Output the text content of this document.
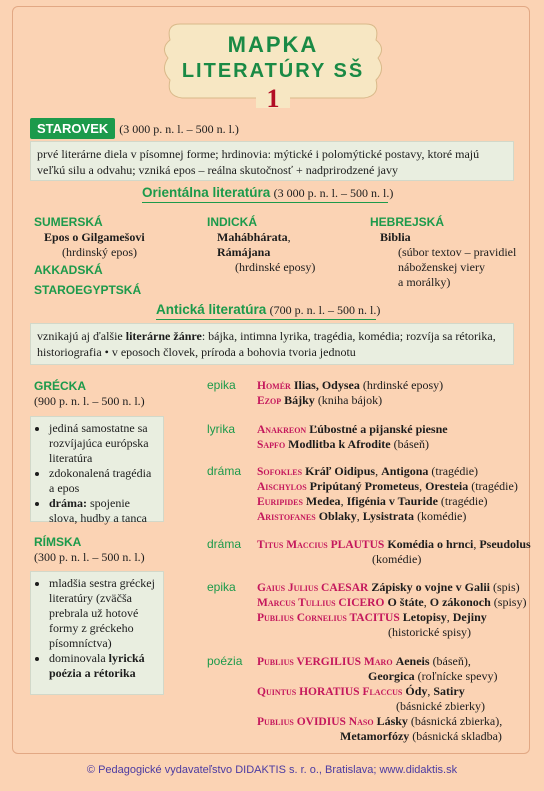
MAPKA
LITERATÚRY SŠ
1
STAROVEK (3 000 p. n. l. – 500 n. l.)
prvé literárne diela v písomnej forme; hrdinovia: mýtické i polomýtické postavy, ktoré majú veľkú silu a odvahu; vzniká epos – reálna skutočnosť + nadprirodzené javy
Orientálna literatúra (3 000 p. n. l. – 500 n. l.)
SUMERSKÁ
Epos o Gilgamešovi
(hrdinský epos)
AKKADSKÁ
STAROEGYPTSKÁ
INDICKÁ
Mahábhárata,
Rámájana
(hrdinské eposy)
HEBREJSKÁ
Biblia
(súbor textov – pravidiel
náboženskej viery
a morálky)
Antická literatúra (700 p. n. l. – 500 n. l.)
vznikajú aj ďalšie literárne žánre: bájka, intimna lyrika, tragédia, komédia; rozvíja sa rétorika, historiografia • v eposoch človek, príroda a bohovia tvoria jednotu
GRÉCKA
(900 p. n. l. – 500 n. l.)
• jediná samostatne sa rozvíjajúca európska literatúra
• zdokonalená tragédia a epos
• dráma: spojenie slova, hudby a tanca
epika Homér Ilias, Odysea (hrdinské eposy)
Ezop Bájky (kniha bájok)
lyrika Anakreon Ľúbostné a pijanské piesne
Sapfo Modlitba k Afrodite (báseň)
dráma Sofokles Kráľ Oidipus, Antigona (tragédie)
Aischylos Pripútaný Prometeus, Oresteia (tragédie)
Euripides Medea, Ifigénia v Tauride (tragédie)
Aristofanes Oblaky, Lysistrata (komédie)
RÍMSKA
(300 p. n. l. – 500 n. l.)
• mladšia sestra gréckej literatúry (zväčša prebrala už hotové formy z gréckeho písomníctva)
• dominovala lyrická poézia a rétorika
dráma Titus Maccius PLAUTUS Komédia o hrnci, Pseudolus
(komédie)
epika Gaius Julius CAESAR Zápisky o vojne v Galii (spis)
Marcus Tullius CICERO O štáte, O zákonoch (spisy)
Publius Cornelius TACITUS Letopisy, Dejiny
(historické spisy)
poézia Publius VERGILIUS Maro Aeneis (báseň),
Georgica (roľnícke spevy)
Quintus HORATIUS Flaccus Ódy, Satiry
(básnické zbierky)
Publius OVIDIUS Naso Lásky (básnická zbierka),
Metamorfózy (básnická skladba)
© Pedagogické vydavateľstvo DIDAKTIS s. r. o., Bratislava; www.didaktis.sk
